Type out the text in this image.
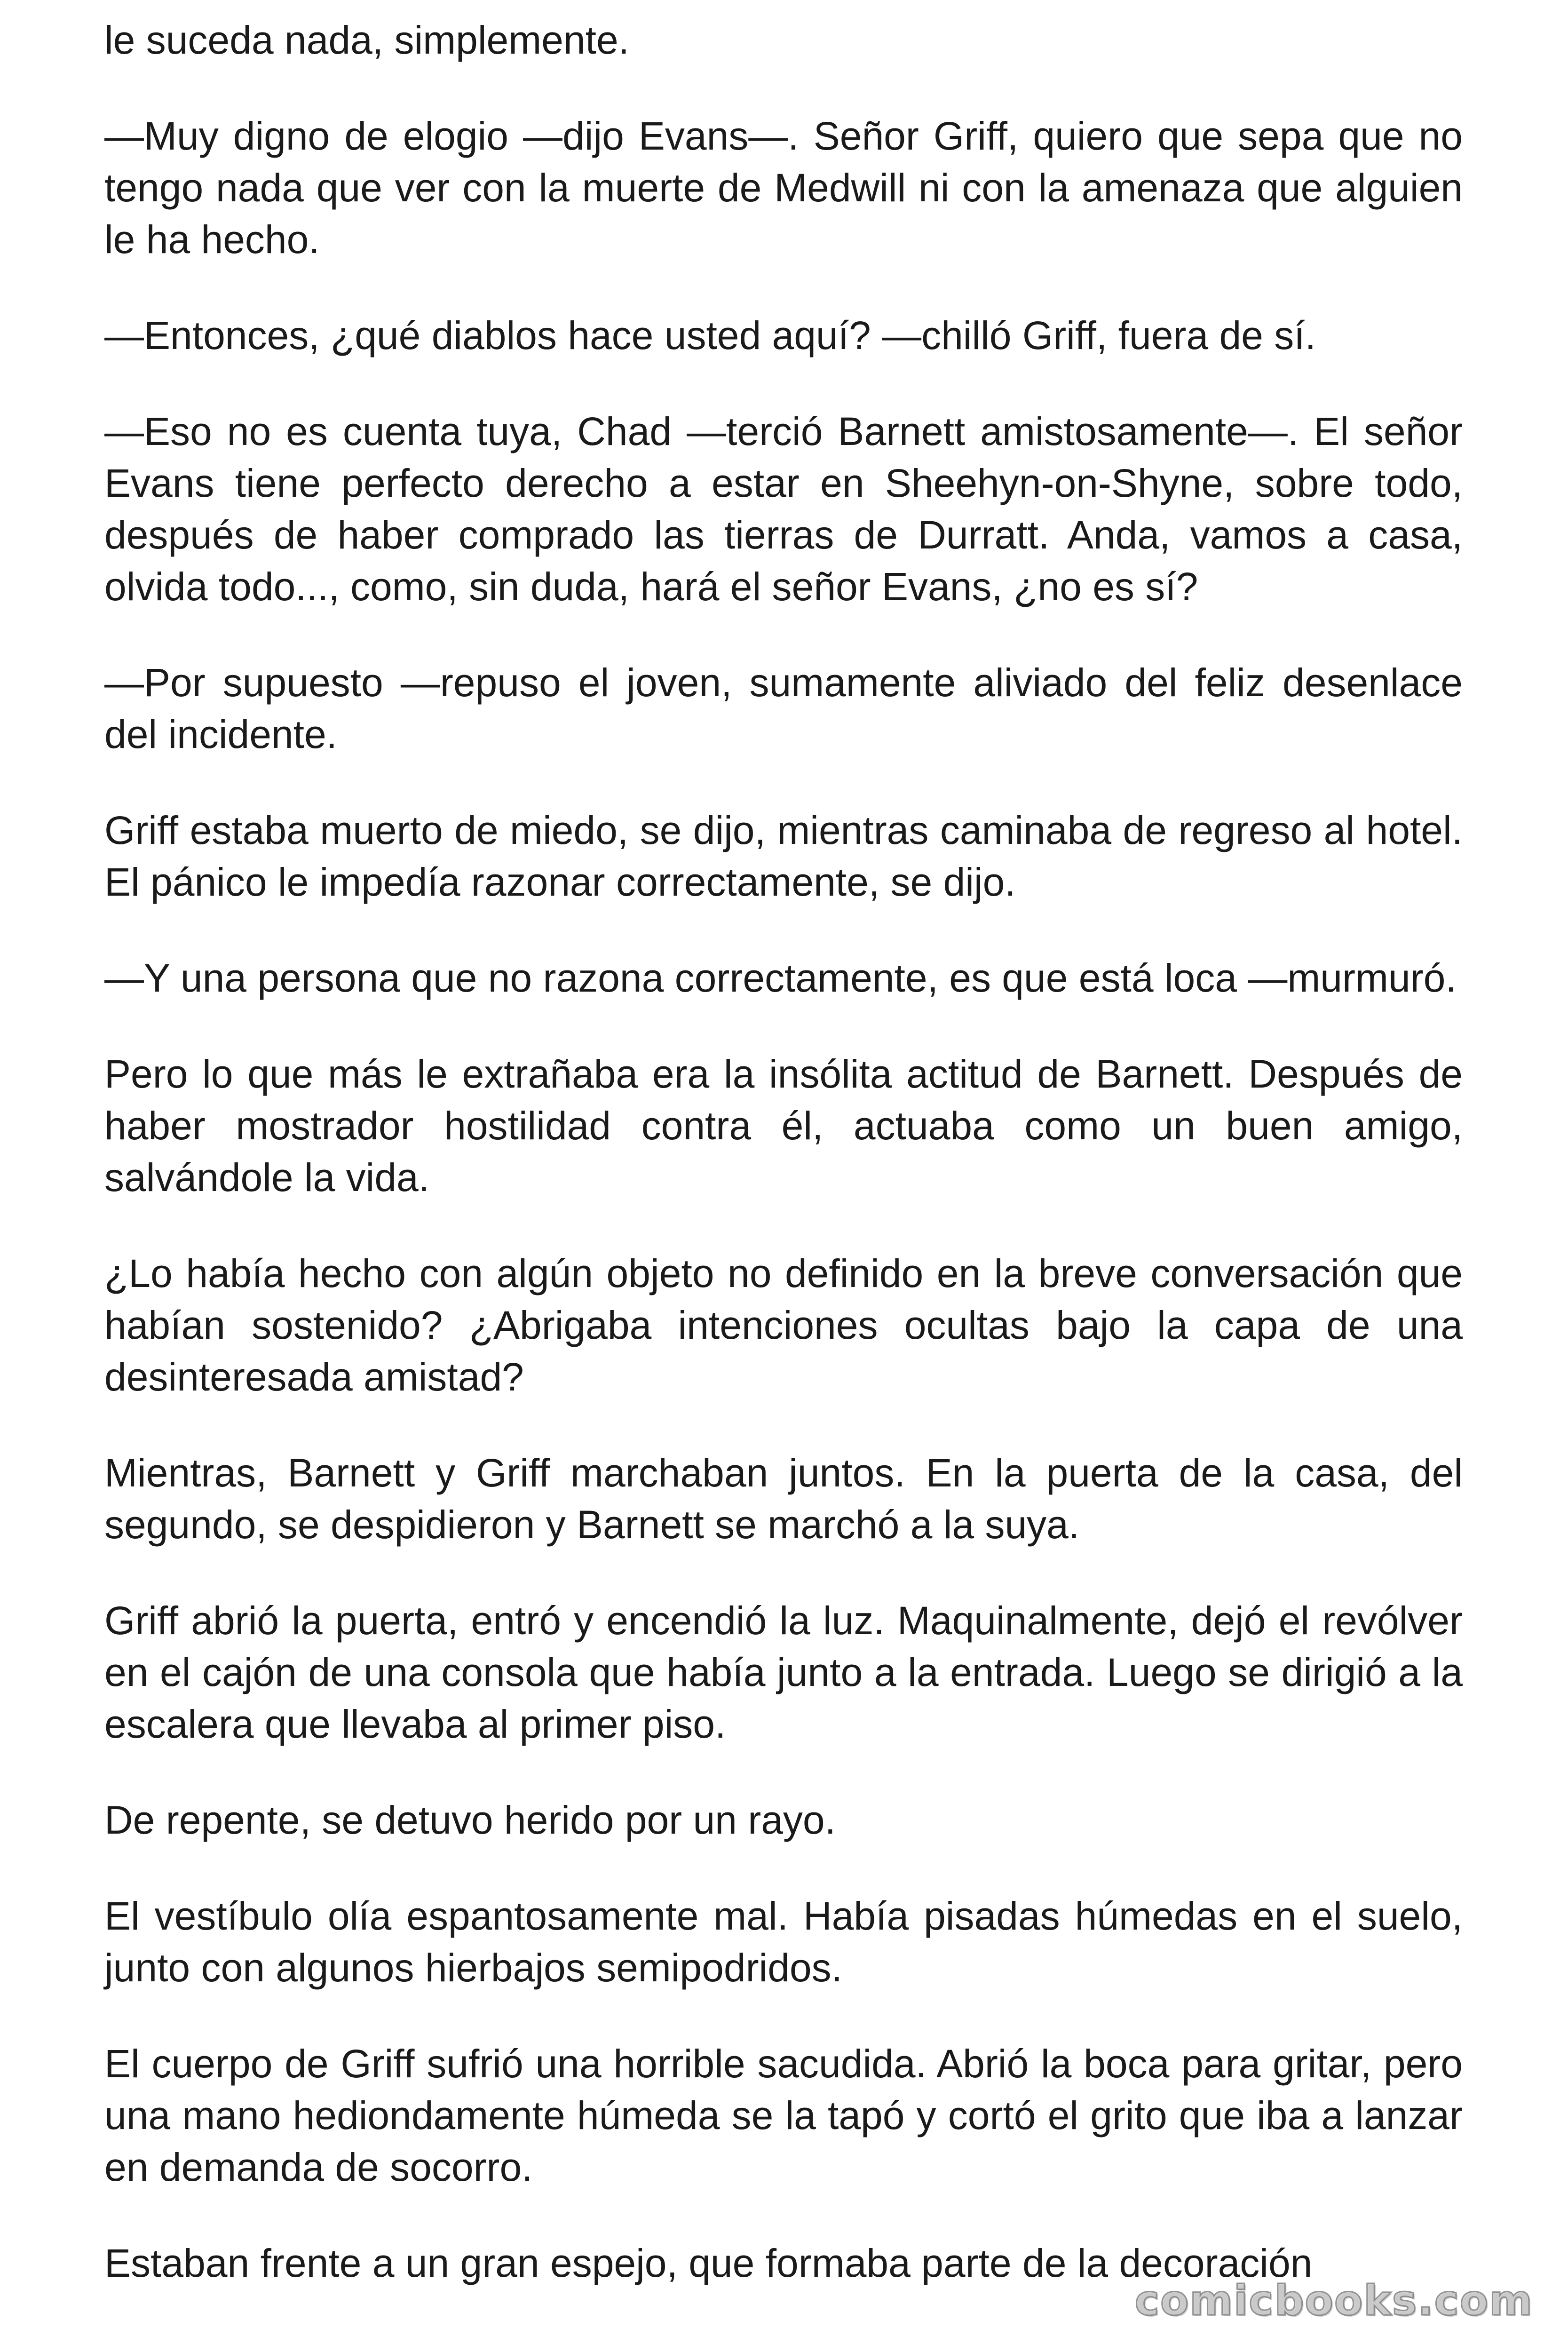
le suceda nada, simplemente.

—Muy digno de elogio —dijo Evans—. Señor Griff, quiero que sepa que no tengo nada que ver con la muerte de Medwill ni con la amenaza que alguien le ha hecho.

—Entonces, ¿qué diablos hace usted aquí? —chilló Griff, fuera de sí.

—Eso no es cuenta tuya, Chad —terció Barnett amistosamente—. El señor Evans tiene perfecto derecho a estar en Sheehyn-on-Shyne, sobre todo, después de haber comprado las tierras de Durratt. Anda, vamos a casa, olvida todo..., como, sin duda, hará el señor Evans, ¿no es sí?

—Por supuesto —repuso el joven, sumamente aliviado del feliz desenlace del incidente.

Griff estaba muerto de miedo, se dijo, mientras caminaba de regreso al hotel. El pánico le impedía razonar correctamente, se dijo.

—Y una persona que no razona correctamente, es que está loca —murmuró.

Pero lo que más le extrañaba era la insólita actitud de Barnett. Después de haber mostrador hostilidad contra él, actuaba como un buen amigo, salvándole la vida.

¿Lo había hecho con algún objeto no definido en la breve conversación que habían sostenido? ¿Abrigaba intenciones ocultas bajo la capa de una desinteresada amistad?

Mientras, Barnett y Griff marchaban juntos. En la puerta de la casa, del segundo, se despidieron y Barnett se marchó a la suya.

Griff abrió la puerta, entró y encendió la luz. Maquinalmente, dejó el revólver en el cajón de una consola que había junto a la entrada. Luego se dirigió a la escalera que llevaba al primer piso.

De repente, se detuvo herido por un rayo.

El vestíbulo olía espantosamente mal. Había pisadas húmedas en el suelo, junto con algunos hierbajos semipodridos.

El cuerpo de Griff sufrió una horrible sacudida. Abrió la boca para gritar, pero una mano hediondamente húmeda se la tapó y cortó el grito que iba a lanzar en demanda de socorro.

Estaban frente a un gran espejo, que formaba parte de la decoración

comicbooks.com
